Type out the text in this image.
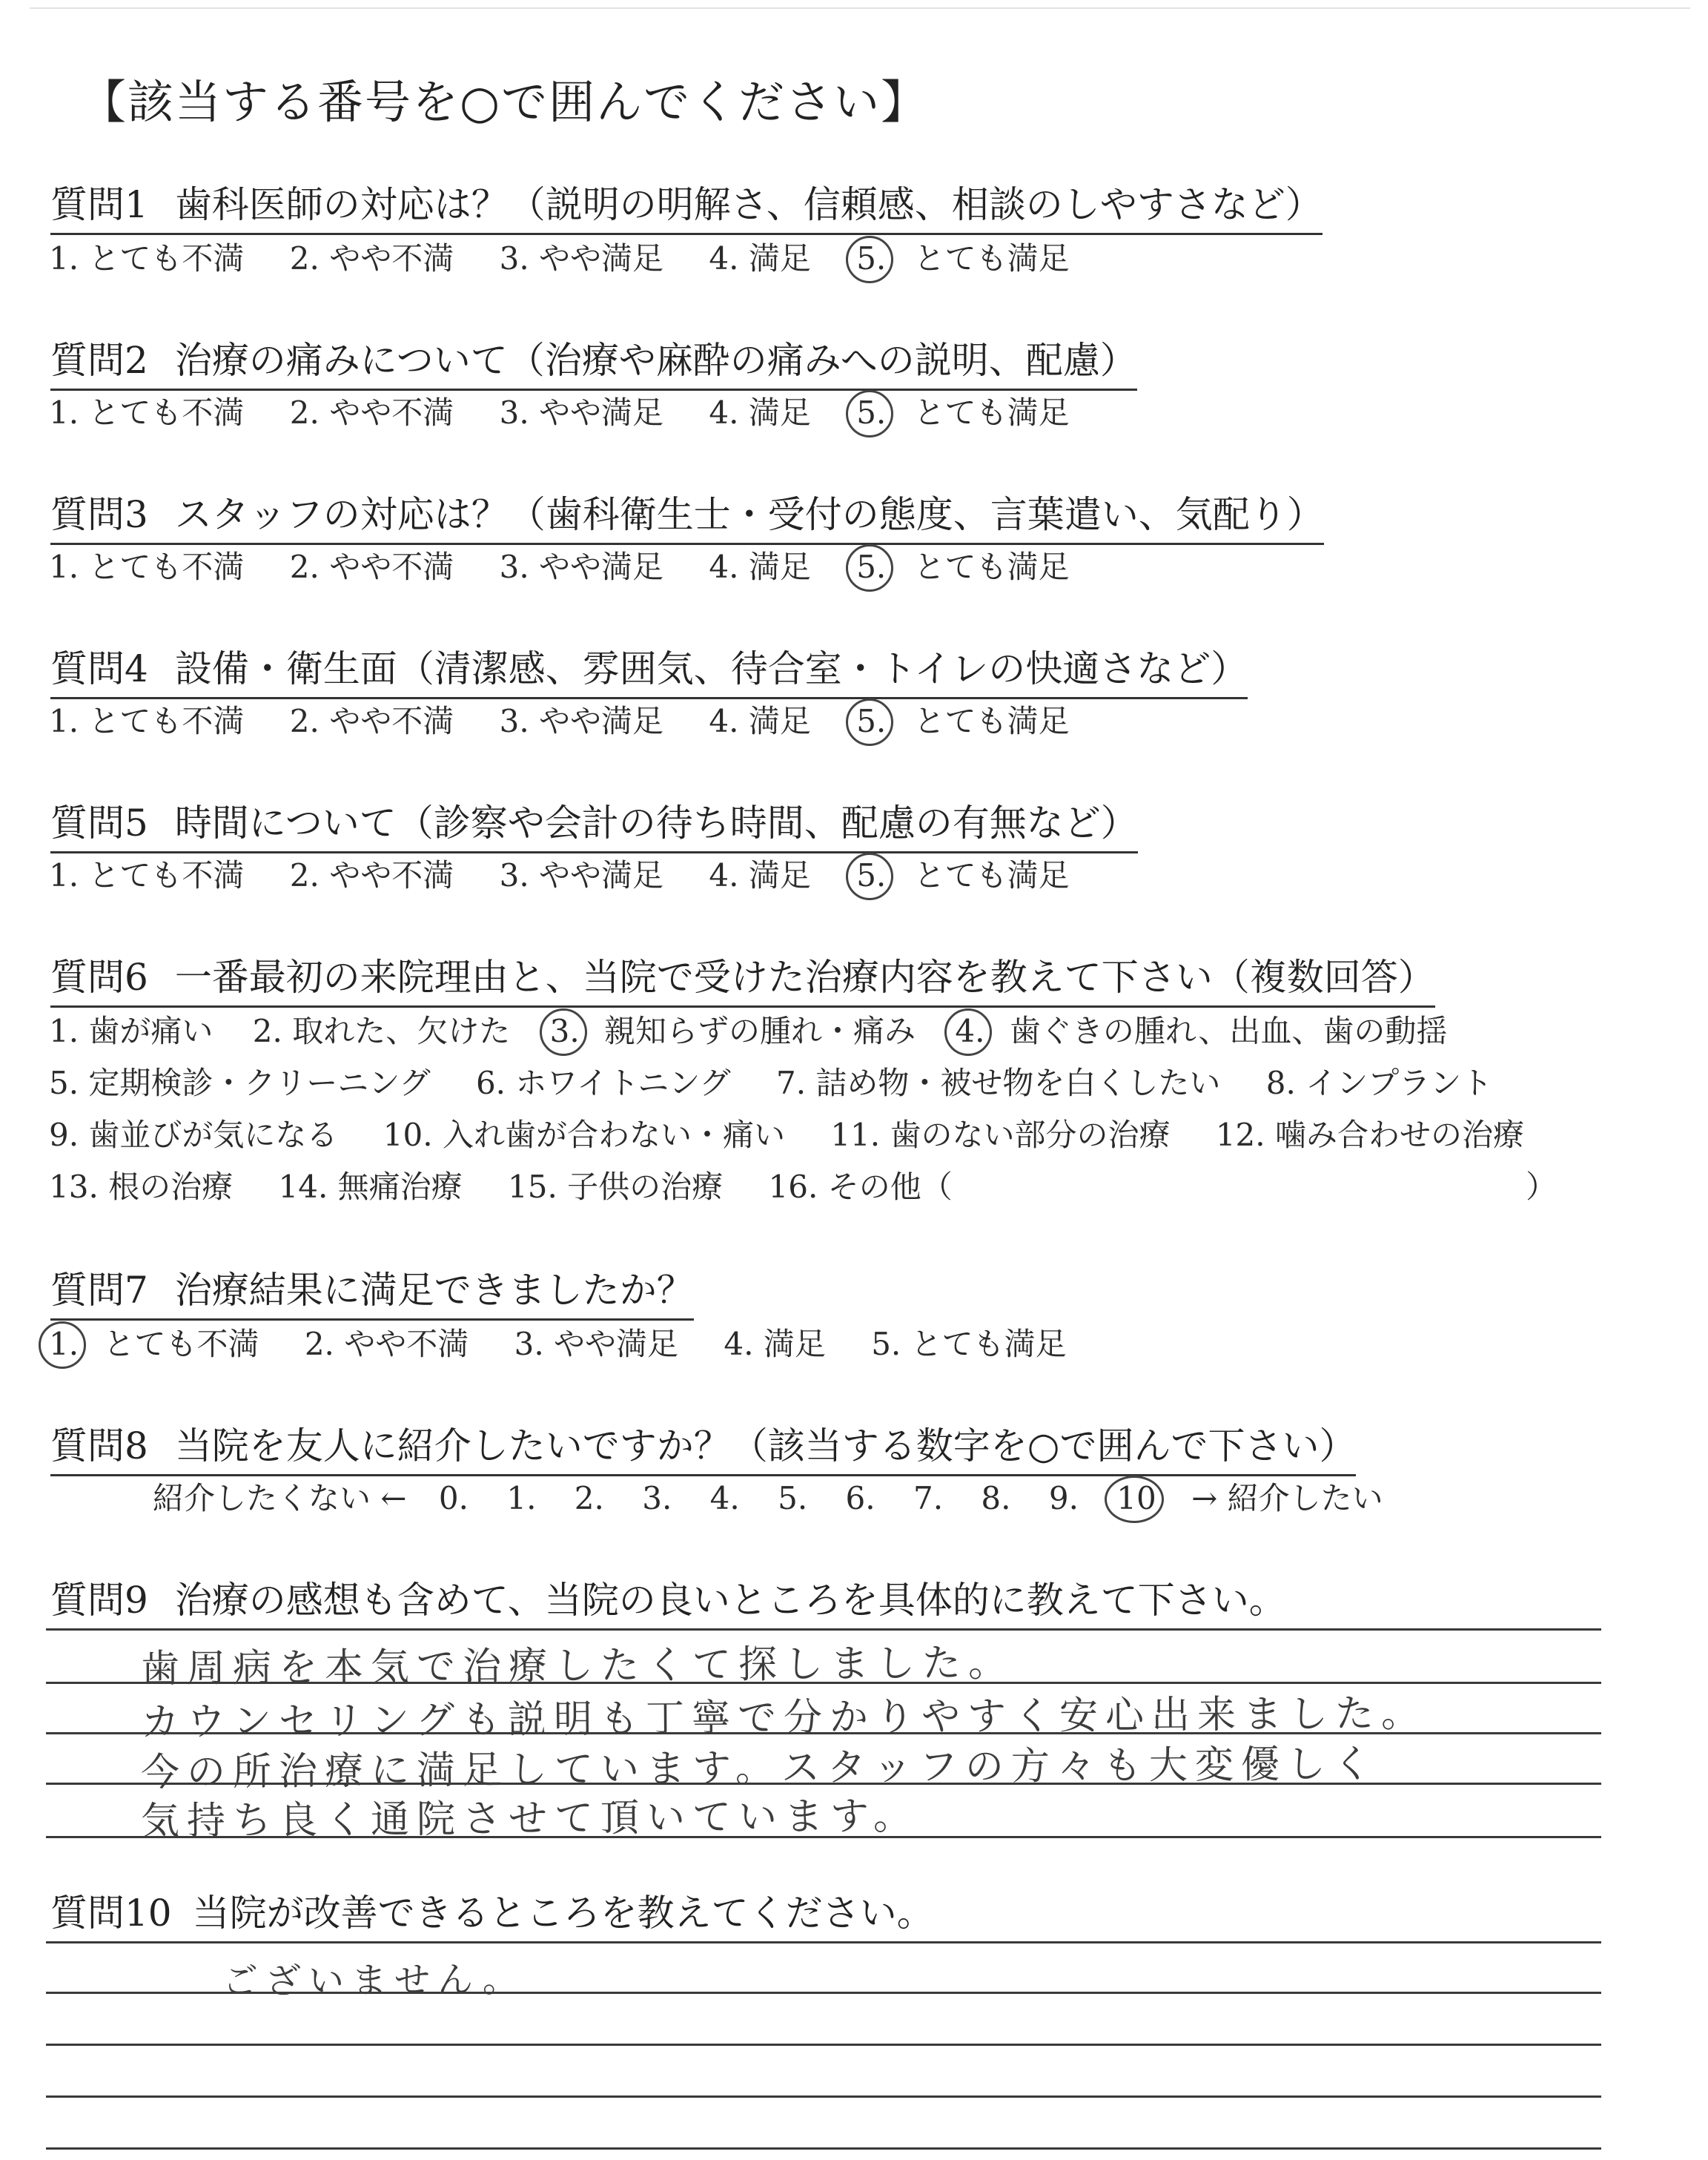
【該当する番号を○で囲んでください】
質問1 歯科医師の対応は？（説明の明解さ、信頼感、相談のしやすさなど）
1. とても不満 2. やや不満 3. やや満足 4. 満足 5. とても満足
質問2 治療の痛みについて（治療や麻酔の痛みへの説明、配慮）
1. とても不満 2. やや不満 3. やや満足 4. 満足 5. とても満足
質問3 スタッフの対応は？（歯科衛生士・受付の態度、言葉遣い、気配り）
1. とても不満 2. やや不満 3. やや満足 4. 満足 5. とても満足
質問4 設備・衛生面（清潔感、雰囲気、待合室・トイレの快適さなど）
1. とても不満 2. やや不満 3. やや満足 4. 満足 5. とても満足
質問5 時間について（診察や会計の待ち時間、配慮の有無など）
1. とても不満 2. やや不満 3. やや満足 4. 満足 5. とても満足
質問6 一番最初の来院理由と、当院で受けた治療内容を教えて下さい（複数回答）
1. 歯が痛い 2. 取れた、欠けた 3. 親知らずの腫れ・痛み 4. 歯ぐきの腫れ、出血、歯の動揺
5. 定期検診・クリーニング 6. ホワイトニング 7. 詰め物・被せ物を白くしたい 8. インプラント
9. 歯並びが気になる 10. 入れ歯が合わない・痛い 11. 歯のない部分の治療 12. 噛み合わせの治療
13. 根の治療 14. 無痛治療 15. 子供の治療 16. その他（	）
質問7 治療結果に満足できましたか？
1. とても不満 2. やや不満 3. やや満足 4. 満足 5. とても満足
質問8 当院を友人に紹介したいですか？（該当する数字を○で囲んで下さい）
紹介したくない ← 0. 1. 2. 3. 4. 5. 6. 7. 8. 9. 10 → 紹介したい
質問9 治療の感想も含めて、当院の良いところを具体的に教えて下さい。
歯周病を本気で治療したくて探しました。
カウンセリングも説明も丁寧で分かりやすく安心出来ました。
今の所治療に満足しています。スタッフの方々も大変優しく
気持ち良く通院させて頂いています。
質問10 当院が改善できるところを教えてください。
ございません。
